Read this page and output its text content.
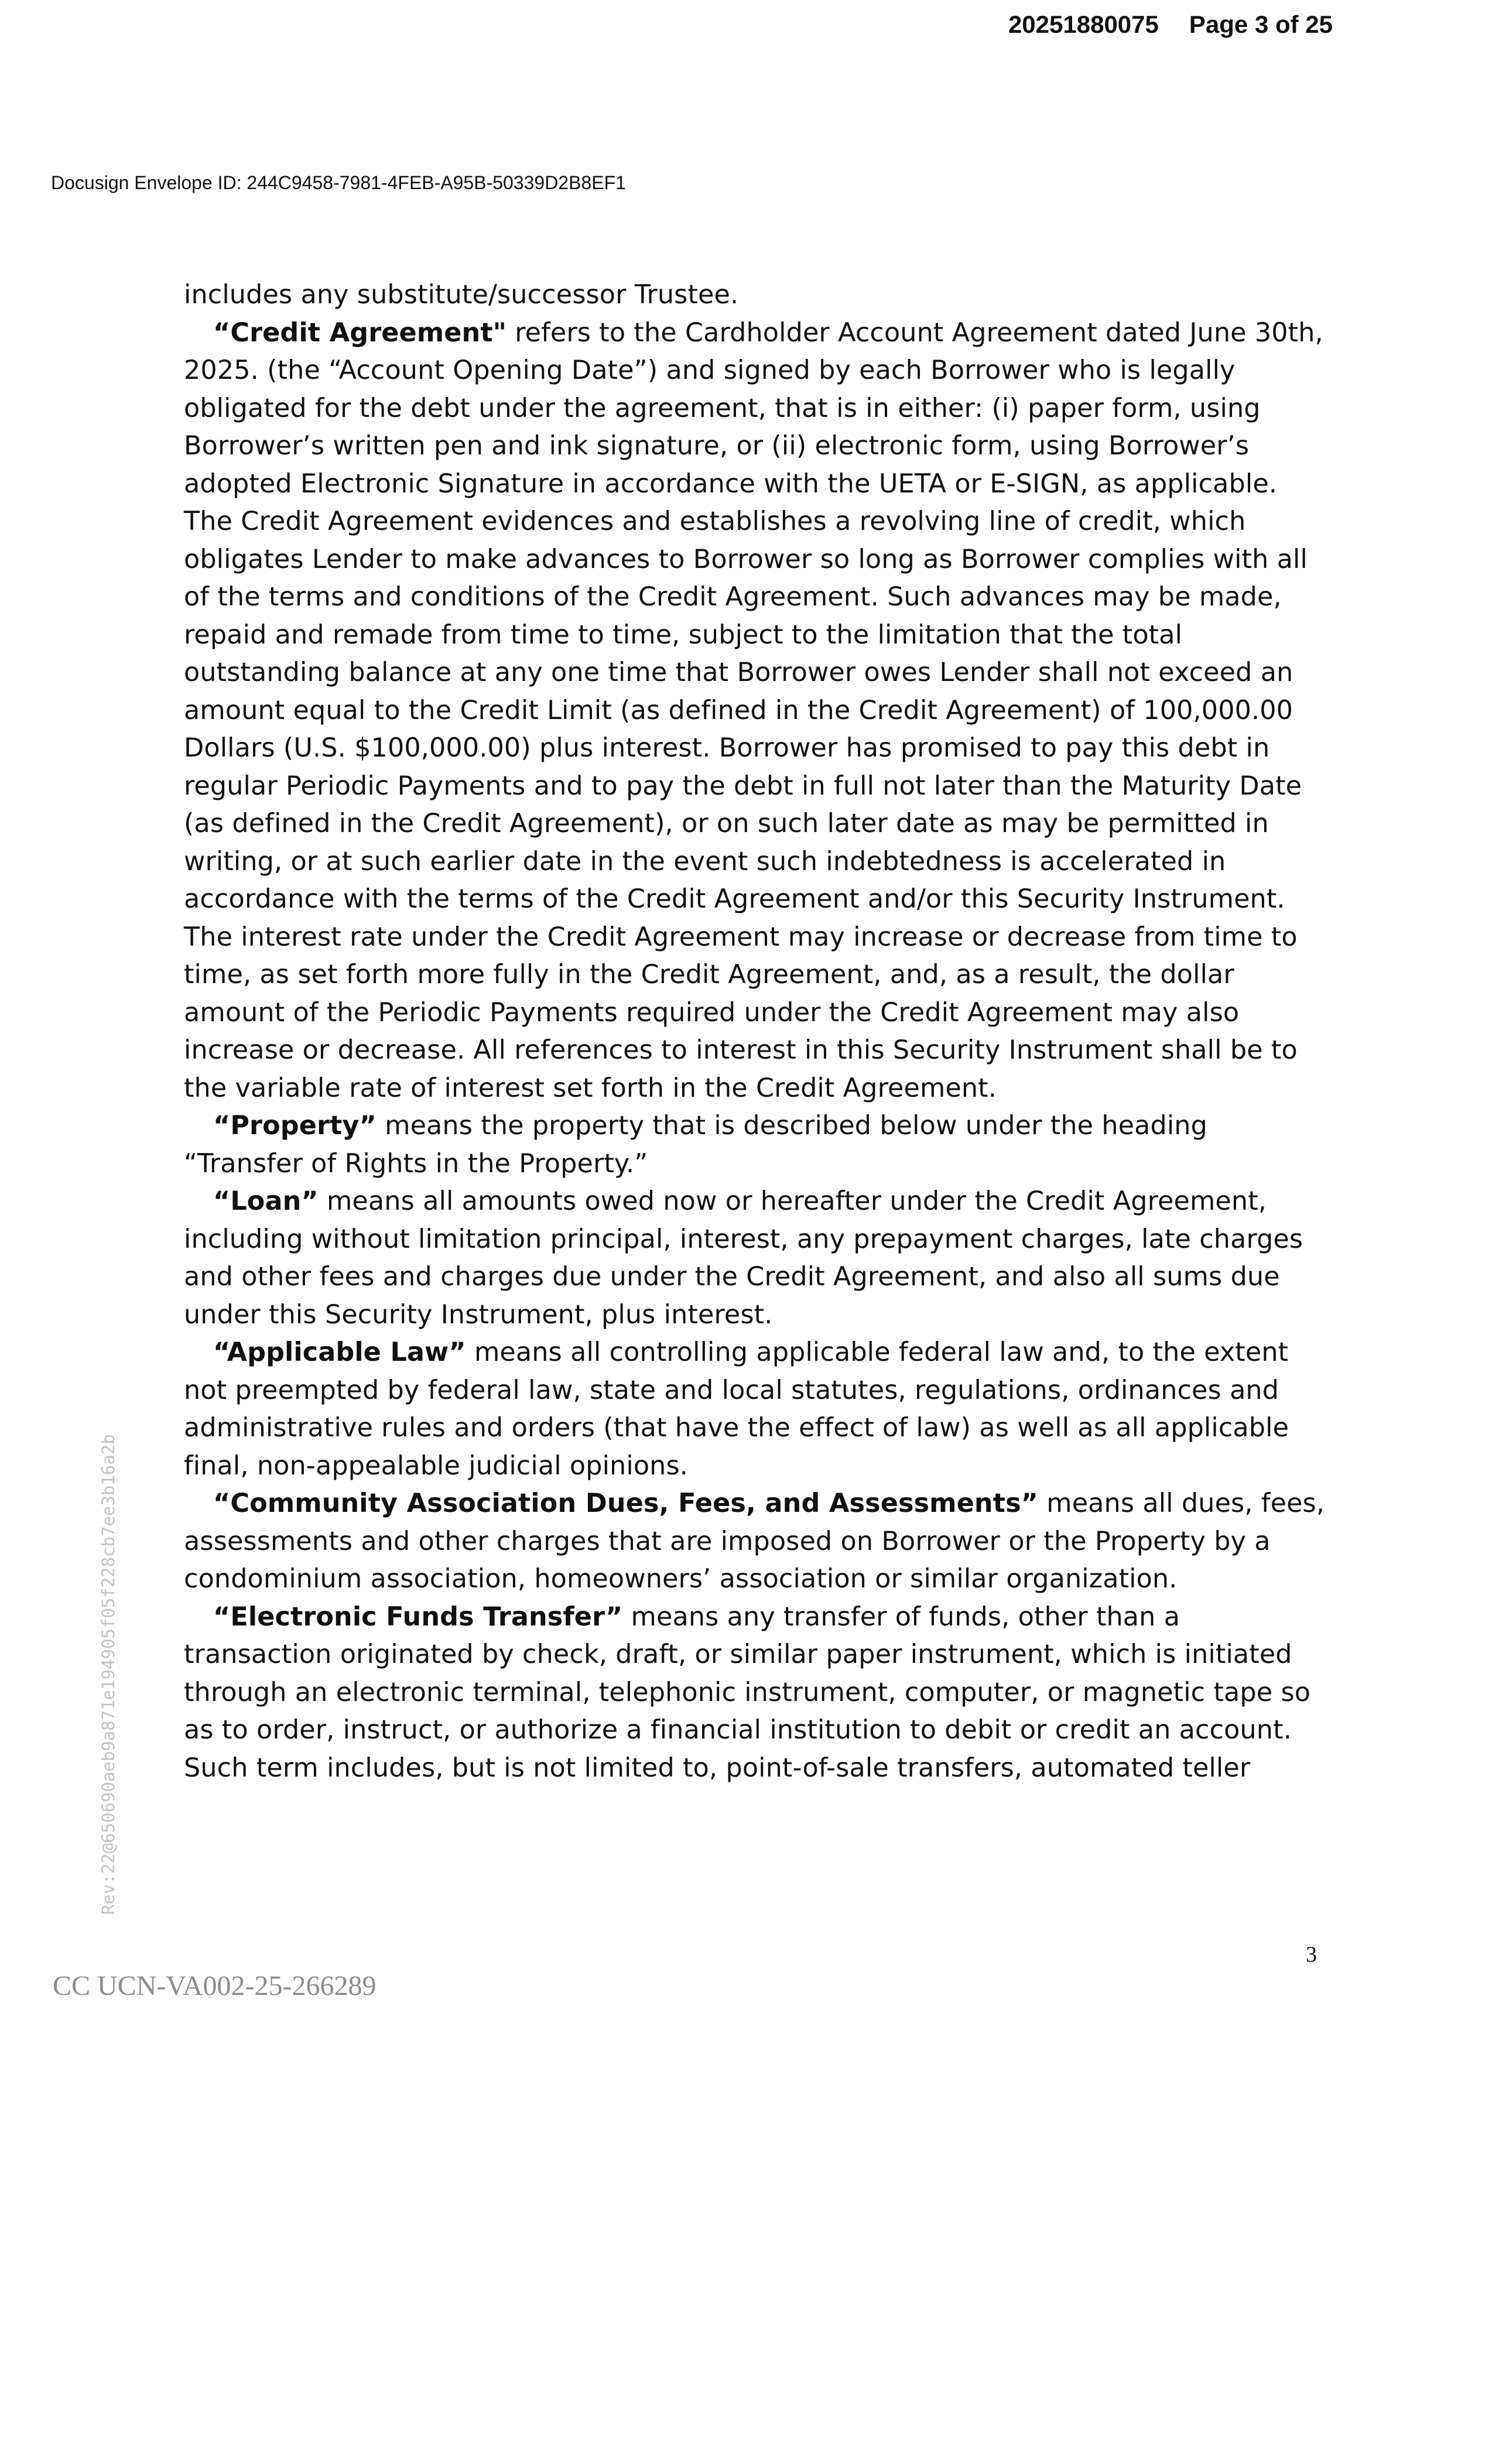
20251880075 Page 3 of 25
Docusign Envelope ID: 244C9458-7981-4FEB-A95B-50339D2B8EF1

includes any substitute/successor Trustee.

“Credit Agreement" refers to the Cardholder Account Agreement dated June 30th, 2025. (the “Account Opening Date”) and signed by each Borrower who is legally obligated for the debt under the agreement, that is in either: (i) paper form, using Borrower’s written pen and ink signature, or (ii) electronic form, using Borrower’s adopted Electronic Signature in accordance with the UETA or E-SIGN, as applicable. The Credit Agreement evidences and establishes a revolving line of credit, which obligates Lender to make advances to Borrower so long as Borrower complies with all of the terms and conditions of the Credit Agreement. Such advances may be made, repaid and remade from time to time, subject to the limitation that the total outstanding balance at any one time that Borrower owes Lender shall not exceed an amount equal to the Credit Limit (as defined in the Credit Agreement) of 100,000.00 Dollars (U.S. $100,000.00) plus interest. Borrower has promised to pay this debt in regular Periodic Payments and to pay the debt in full not later than the Maturity Date (as defined in the Credit Agreement), or on such later date as may be permitted in writing, or at such earlier date in the event such indebtedness is accelerated in accordance with the terms of the Credit Agreement and/or this Security Instrument. The interest rate under the Credit Agreement may increase or decrease from time to time, as set forth more fully in the Credit Agreement, and, as a result, the dollar amount of the Periodic Payments required under the Credit Agreement may also increase or decrease. All references to interest in this Security Instrument shall be to the variable rate of interest set forth in the Credit Agreement.

“Property” means the property that is described below under the heading “Transfer of Rights in the Property.”

“Loan” means all amounts owed now or hereafter under the Credit Agreement, including without limitation principal, interest, any prepayment charges, late charges and other fees and charges due under the Credit Agreement, and also all sums due under this Security Instrument, plus interest.

“Applicable Law” means all controlling applicable federal law and, to the extent not preempted by federal law, state and local statutes, regulations, ordinances and administrative rules and orders (that have the effect of law) as well as all applicable final, non-appealable judicial opinions.

“Community Association Dues, Fees, and Assessments” means all dues, fees, assessments and other charges that are imposed on Borrower or the Property by a condominium association, homeowners’ association or similar organization.

“Electronic Funds Transfer” means any transfer of funds, other than a transaction originated by check, draft, or similar paper instrument, which is initiated through an electronic terminal, telephonic instrument, computer, or magnetic tape so as to order, instruct, or authorize a financial institution to debit or credit an account. Such term includes, but is not limited to, point-of-sale transfers, automated teller

Rev:22@650690aeb9a871e194905f05f228cb7ee3b16a2b
3
CC UCN-VA002-25-266289
